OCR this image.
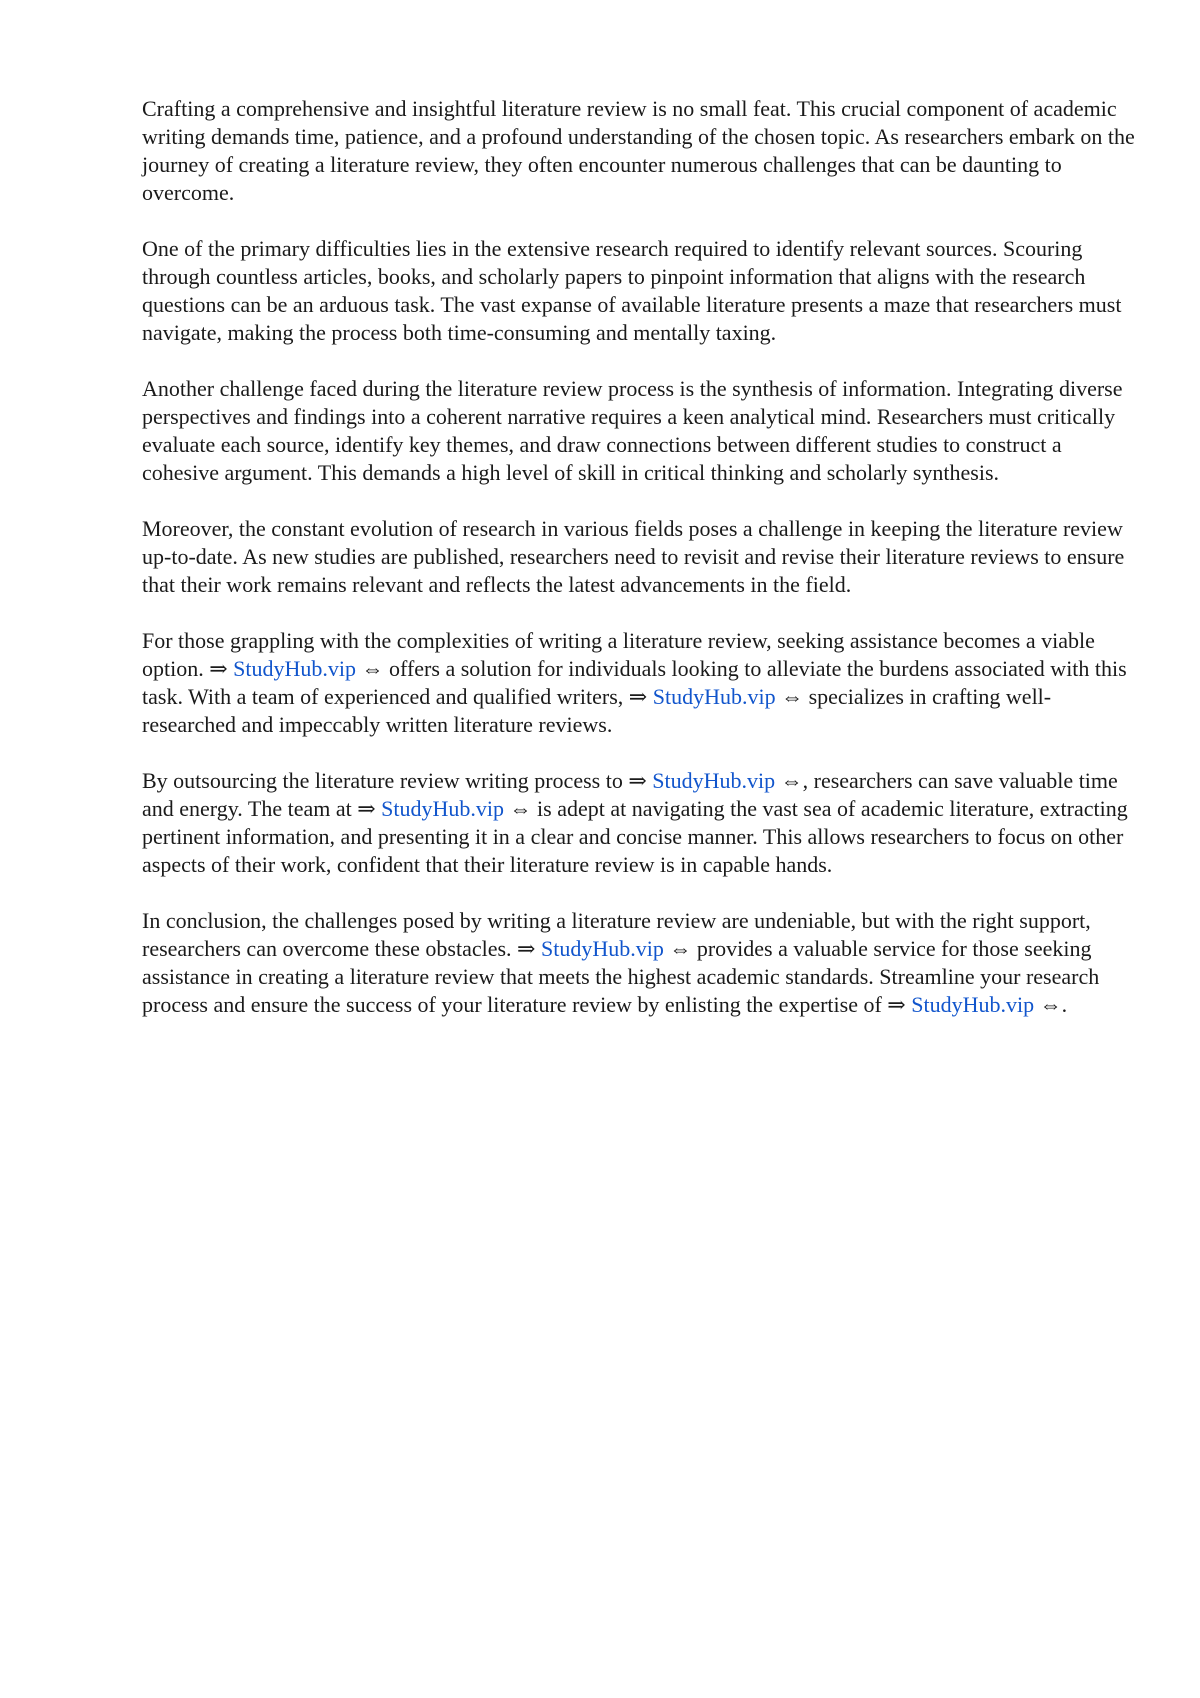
Crafting a comprehensive and insightful literature review is no small feat. This crucial component of academic writing demands time, patience, and a profound understanding of the chosen topic. As researchers embark on the journey of creating a literature review, they often encounter numerous challenges that can be daunting to overcome.

One of the primary difficulties lies in the extensive research required to identify relevant sources. Scouring through countless articles, books, and scholarly papers to pinpoint information that aligns with the research questions can be an arduous task. The vast expanse of available literature presents a maze that researchers must navigate, making the process both time-consuming and mentally taxing.

Another challenge faced during the literature review process is the synthesis of information. Integrating diverse perspectives and findings into a coherent narrative requires a keen analytical mind. Researchers must critically evaluate each source, identify key themes, and draw connections between different studies to construct a cohesive argument. This demands a high level of skill in critical thinking and scholarly synthesis.

Moreover, the constant evolution of research in various fields poses a challenge in keeping the literature review up-to-date. As new studies are published, researchers need to revisit and revise their literature reviews to ensure that their work remains relevant and reflects the latest advancements in the field.

For those grappling with the complexities of writing a literature review, seeking assistance becomes a viable option. ⇒ StudyHub.vip ⇔ offers a solution for individuals looking to alleviate the burdens associated with this task. With a team of experienced and qualified writers, ⇒ StudyHub.vip ⇔ specializes in crafting well-researched and impeccably written literature reviews.

By outsourcing the literature review writing process to ⇒ StudyHub.vip ⇔, researchers can save valuable time and energy. The team at ⇒ StudyHub.vip ⇔ is adept at navigating the vast sea of academic literature, extracting pertinent information, and presenting it in a clear and concise manner. This allows researchers to focus on other aspects of their work, confident that their literature review is in capable hands.

In conclusion, the challenges posed by writing a literature review are undeniable, but with the right support, researchers can overcome these obstacles. ⇒ StudyHub.vip ⇔ provides a valuable service for those seeking assistance in creating a literature review that meets the highest academic standards. Streamline your research process and ensure the success of your literature review by enlisting the expertise of ⇒ StudyHub.vip ⇔.
